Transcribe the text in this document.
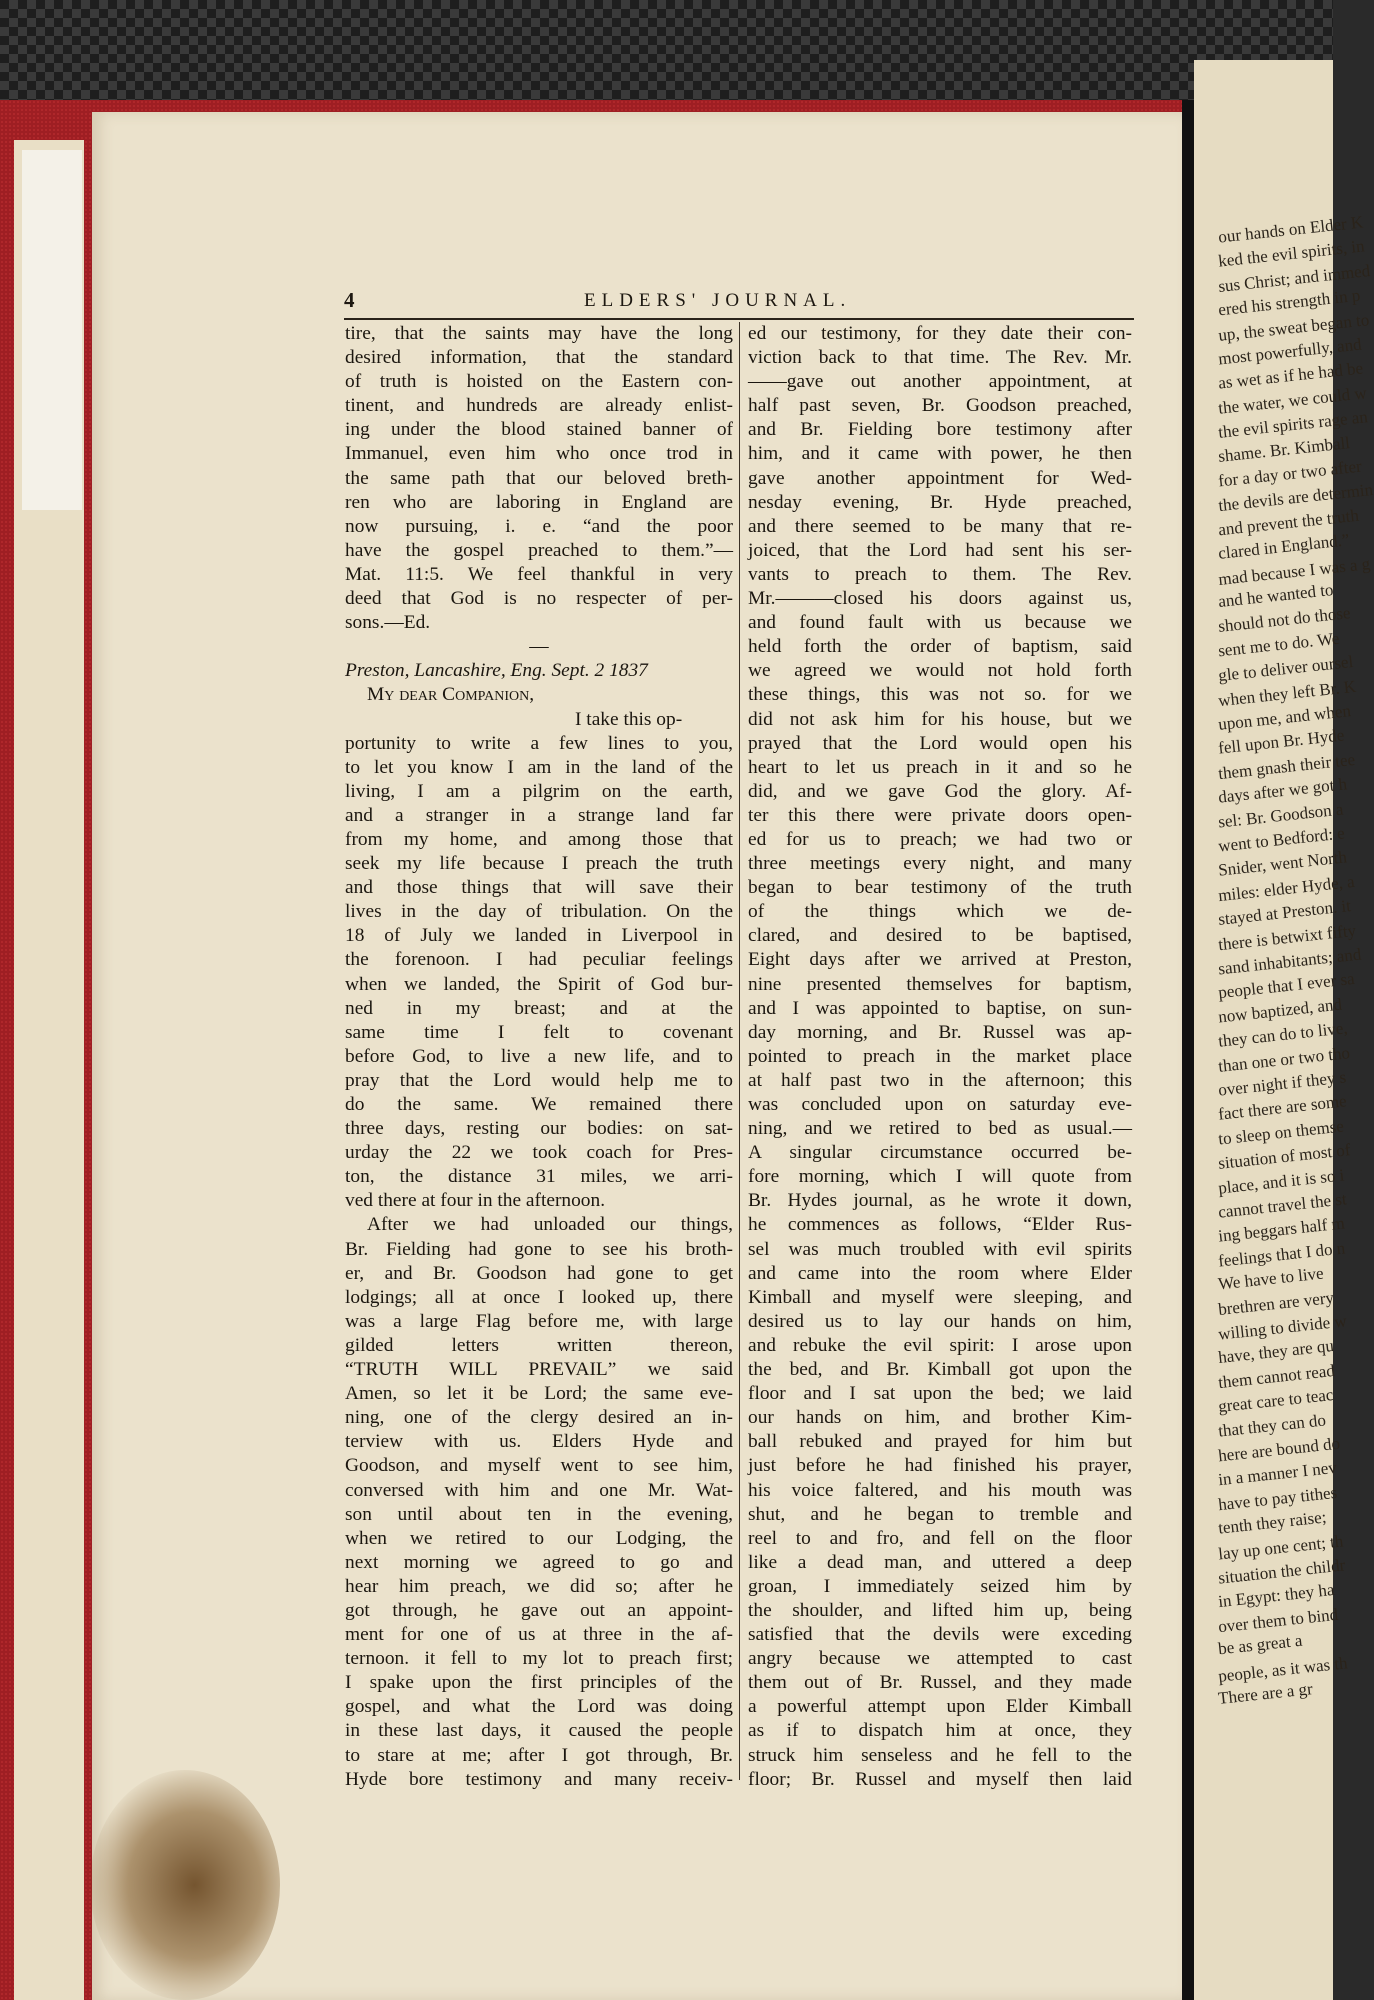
our hands on Elder K
ked the evil spirits, in
sus Christ; and immed
ered his strength in p
up, the sweat began to
most powerfully, and
as wet as if he had be
the water, we could w
the evil spirits rage an
shame. Br. Kimball
for a day or two after
the devils are determin
and prevent the truth
clared in England.”
mad because I was a g
and he wanted to
should not do those
sent me to do. We
gle to deliver oursel
when they left Br. K
upon me, and when
fell upon Br. Hyde
them gnash their tee
days after we got h
sel: Br. Goodson a
went to Bedford: e
Snider, went North
miles: elder Hyde, a
stayed at Preston. it
there is betwixt fifty
sand inhabitants; and
people that I ever sa
now baptized, and
they can do to live,
than one or two tho
over night if they s
fact there are some
to sleep on themse
situation of most of
place, and it is so i
cannot travel the st
ing beggars half m
feelings that I do n
We have to live
brethren are very
willing to divide w
have, they are qu
them cannot read
great care to teac
that they can do
here are bound do
in a manner I nev
have to pay tithes
tenth they raise;
lay up one cent; th
situation the childr
in Egypt: they ha
over them to bind
be as great a
people, as it was th
There are a gr
4	ELDERS' JOURNAL.
tire, that the saints may have the long
desired information, that the standard
of truth is hoisted on the Eastern con-
tinent, and hundreds are already enlist-
ing under the blood stained banner of
Immanuel, even him who once trod in
the same path that our beloved breth-
ren who are laboring in England are
now pursuing, i. e. “and the poor
have the gospel preached to them.”—
Mat. 11:5. We feel thankful in very
deed that God is no respecter of per-
sons.—Ed.
—
Preston, Lancashire, Eng. Sept. 2 1837
My dear Companion,
I take this op-
portunity to write a few lines to you,
to let you know I am in the land of the
living, I am a pilgrim on the earth,
and a stranger in a strange land far
from my home, and among those that
seek my life because I preach the truth
and those things that will save their
lives in the day of tribulation. On the
18 of July we landed in Liverpool in
the forenoon. I had peculiar feelings
when we landed, the Spirit of God bur-
ned in my breast; and at the
same time I felt to covenant
before God, to live a new life, and to
pray that the Lord would help me to
do the same. We remained there
three days, resting our bodies: on sat-
urday the 22 we took coach for Pres-
ton, the distance 31 miles, we arri-
ved there at four in the afternoon.
After we had unloaded our things,
Br. Fielding had gone to see his broth-
er, and Br. Goodson had gone to get
lodgings; all at once I looked up, there
was a large Flag before me, with large
gilded letters written thereon,
“TRUTH WILL PREVAIL” we said
Amen, so let it be Lord; the same eve-
ning, one of the clergy desired an in-
terview with us. Elders Hyde and
Goodson, and myself went to see him,
conversed with him and one Mr. Wat-
son until about ten in the evening,
when we retired to our Lodging, the
next morning we agreed to go and
hear him preach, we did so; after he
got through, he gave out an appoint-
ment for one of us at three in the af-
ternoon. it fell to my lot to preach first;
I spake upon the first principles of the
gospel, and what the Lord was doing
in these last days, it caused the people
to stare at me; after I got through, Br.
Hyde bore testimony and many receiv-
ed our testimony, for they date their con-
viction back to that time. The Rev. Mr.
——gave out another appointment, at
half past seven, Br. Goodson preached,
and Br. Fielding bore testimony after
him, and it came with power, he then
gave another appointment for Wed-
nesday evening, Br. Hyde preached,
and there seemed to be many that re-
joiced, that the Lord had sent his ser-
vants to preach to them. The Rev.
Mr.———closed his doors against us,
and found fault with us because we
held forth the order of baptism, said
we agreed we would not hold forth
these things, this was not so. for we
did not ask him for his house, but we
prayed that the Lord would open his
heart to let us preach in it and so he
did, and we gave God the glory. Af-
ter this there were private doors open-
ed for us to preach; we had two or
three meetings every night, and many
began to bear testimony of the truth
of the things which we de-
clared, and desired to be baptised,
Eight days after we arrived at Preston,
nine presented themselves for baptism,
and I was appointed to baptise, on sun-
day morning, and Br. Russel was ap-
pointed to preach in the market place
at half past two in the afternoon; this
was concluded upon on saturday eve-
ning, and we retired to bed as usual.—
A singular circumstance occurred be-
fore morning, which I will quote from
Br. Hydes journal, as he wrote it down,
he commences as follows, “Elder Rus-
sel was much troubled with evil spirits
and came into the room where Elder
Kimball and myself were sleeping, and
desired us to lay our hands on him,
and rebuke the evil spirit: I arose upon
the bed, and Br. Kimball got upon the
floor and I sat upon the bed; we laid
our hands on him, and brother Kim-
ball rebuked and prayed for him but
just before he had finished his prayer,
his voice faltered, and his mouth was
shut, and he began to tremble and
reel to and fro, and fell on the floor
like a dead man, and uttered a deep
groan, I immediately seized him by
the shoulder, and lifted him up, being
satisfied that the devils were exceding
angry because we attempted to cast
them out of Br. Russel, and they made
a powerful attempt upon Elder Kimball
as if to dispatch him at once, they
struck him senseless and he fell to the
floor; Br. Russel and myself then laid
